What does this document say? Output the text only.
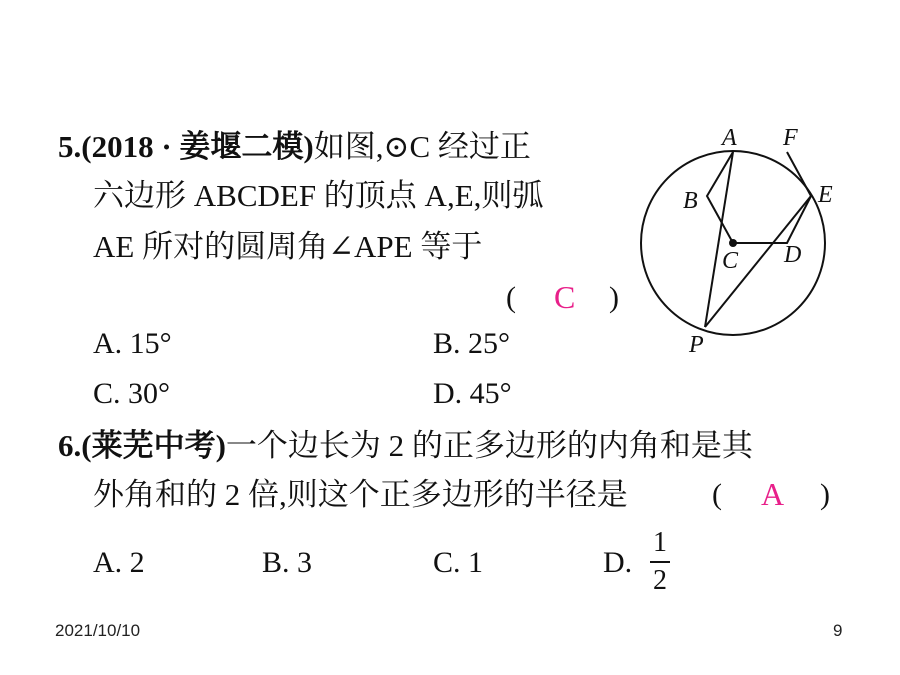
5.(2018 · 姜堰二模)如图,⊙C 经过正
六边形 ABCDEF 的顶点 A,E,则弧
AE 所对的圆周角∠APE 等于
( C )
A. 15°	B. 25°
C. 30°	D. 45°
A F
B	E
C D
P
6.(莱芜中考)一个边长为 2 的正多边形的内角和是其
外角和的 2 倍,则这个正多边形的半径是	( A )
A. 2	B. 3	C. 1	D.
1
2
2021/10/10	9
